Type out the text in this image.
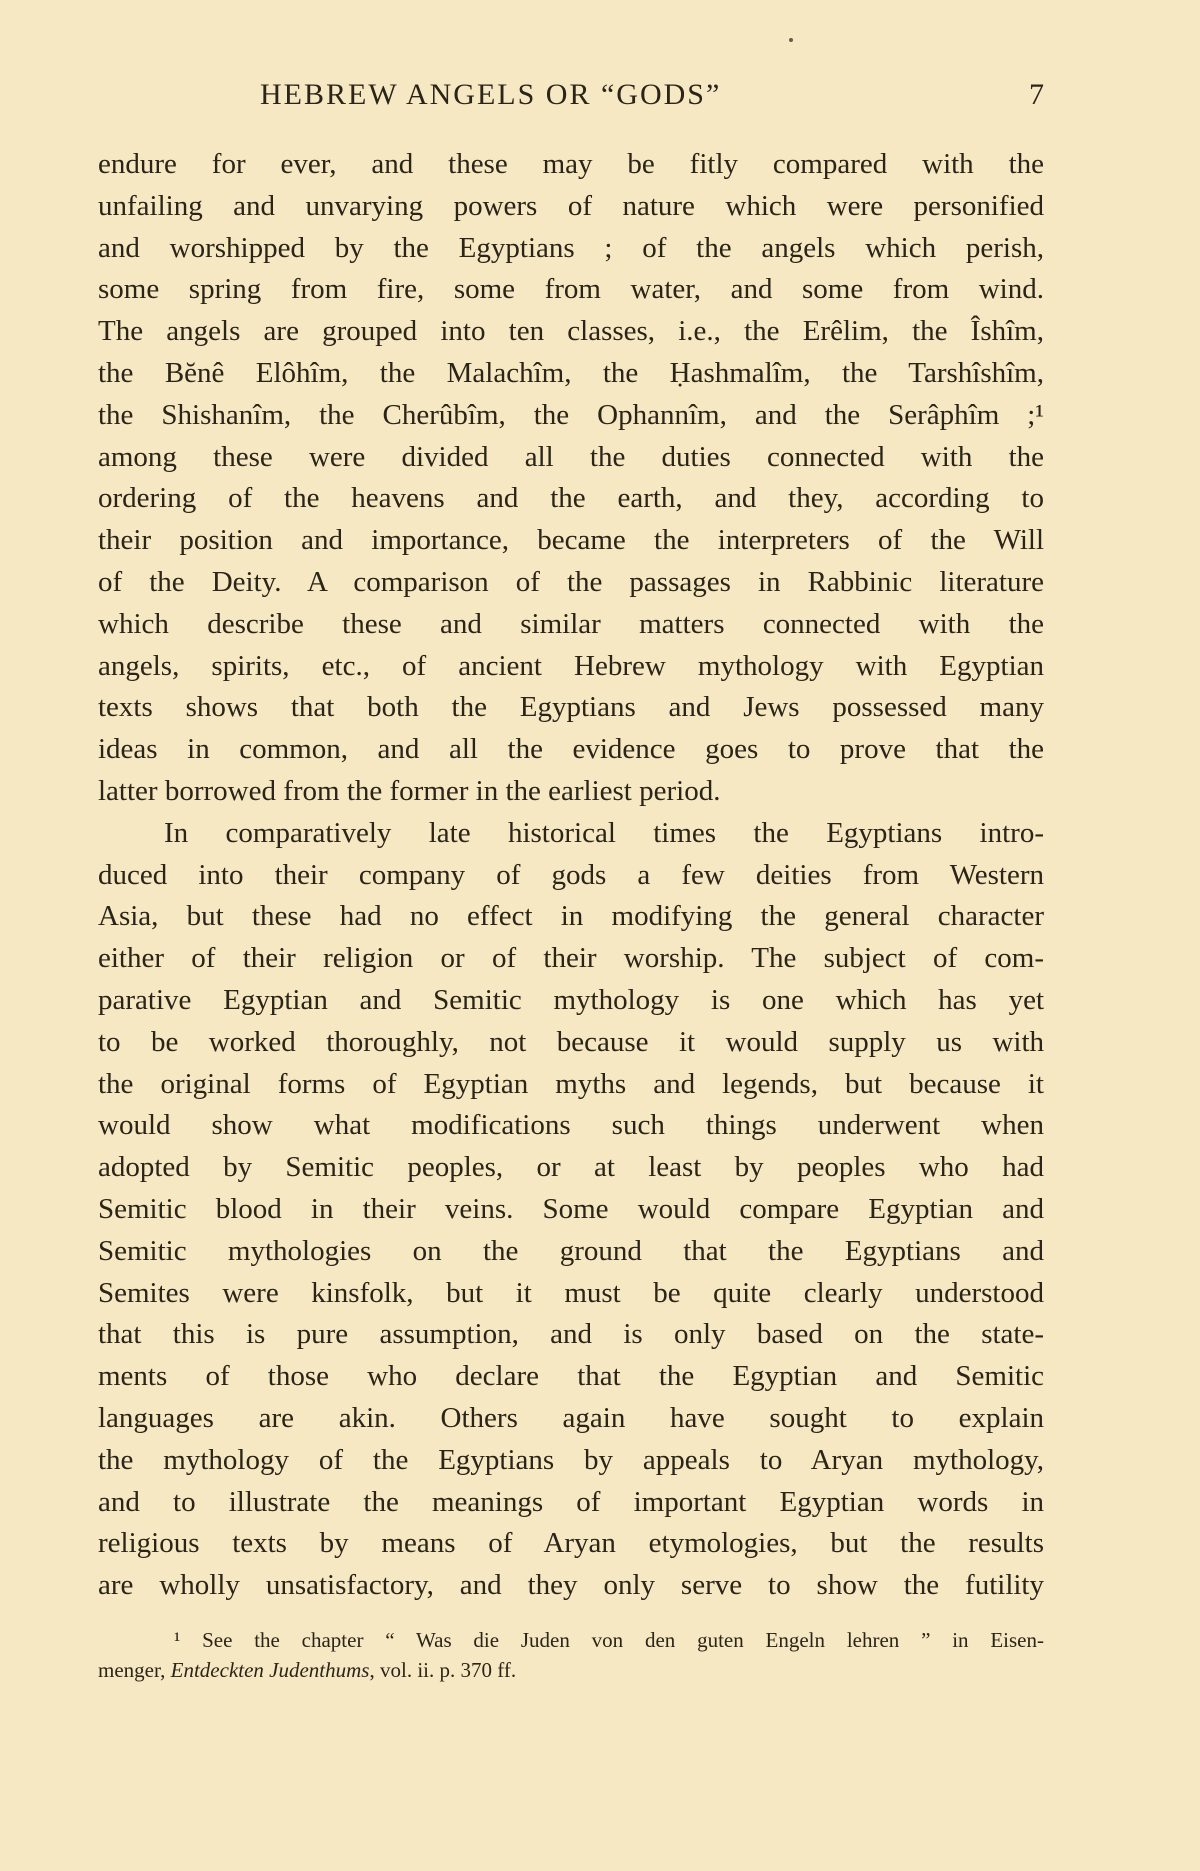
HEBREW ANGELS OR “GODS”	7
endure for ever, and these may be fitly compared with the
unfailing and unvarying powers of nature which were personified
and worshipped by the Egyptians ; of the angels which perish,
some spring from fire, some from water, and some from wind.
The angels are grouped into ten classes, i.e., the Erêlim, the Îshîm,
the Bĕnê Elôhîm, the Malachîm, the Ḥashmalîm, the Tarshîshîm,
the Shishanîm, the Cherûbîm, the Ophannîm, and the Serâphîm ;¹
among these were divided all the duties connected with the
ordering of the heavens and the earth, and they, according to
their position and importance, became the interpreters of the Will
of the Deity. A comparison of the passages in Rabbinic literature
which describe these and similar matters connected with the
angels, spirits, etc., of ancient Hebrew mythology with Egyptian
texts shows that both the Egyptians and Jews possessed many
ideas in common, and all the evidence goes to prove that the
latter borrowed from the former in the earliest period.
In comparatively late historical times the Egyptians intro-
duced into their company of gods a few deities from Western
Asia, but these had no effect in modifying the general character
either of their religion or of their worship. The subject of com-
parative Egyptian and Semitic mythology is one which has yet
to be worked thoroughly, not because it would supply us with
the original forms of Egyptian myths and legends, but because it
would show what modifications such things underwent when
adopted by Semitic peoples, or at least by peoples who had
Semitic blood in their veins. Some would compare Egyptian and
Semitic mythologies on the ground that the Egyptians and
Semites were kinsfolk, but it must be quite clearly understood
that this is pure assumption, and is only based on the state-
ments of those who declare that the Egyptian and Semitic
languages are akin. Others again have sought to explain
the mythology of the Egyptians by appeals to Aryan mythology,
and to illustrate the meanings of important Egyptian words in
religious texts by means of Aryan etymologies, but the results
are wholly unsatisfactory, and they only serve to show the futility
¹ See the chapter “ Was die Juden von den guten Engeln lehren ” in Eisen-
menger, Entdeckten Judenthums, vol. ii. p. 370 ff.
